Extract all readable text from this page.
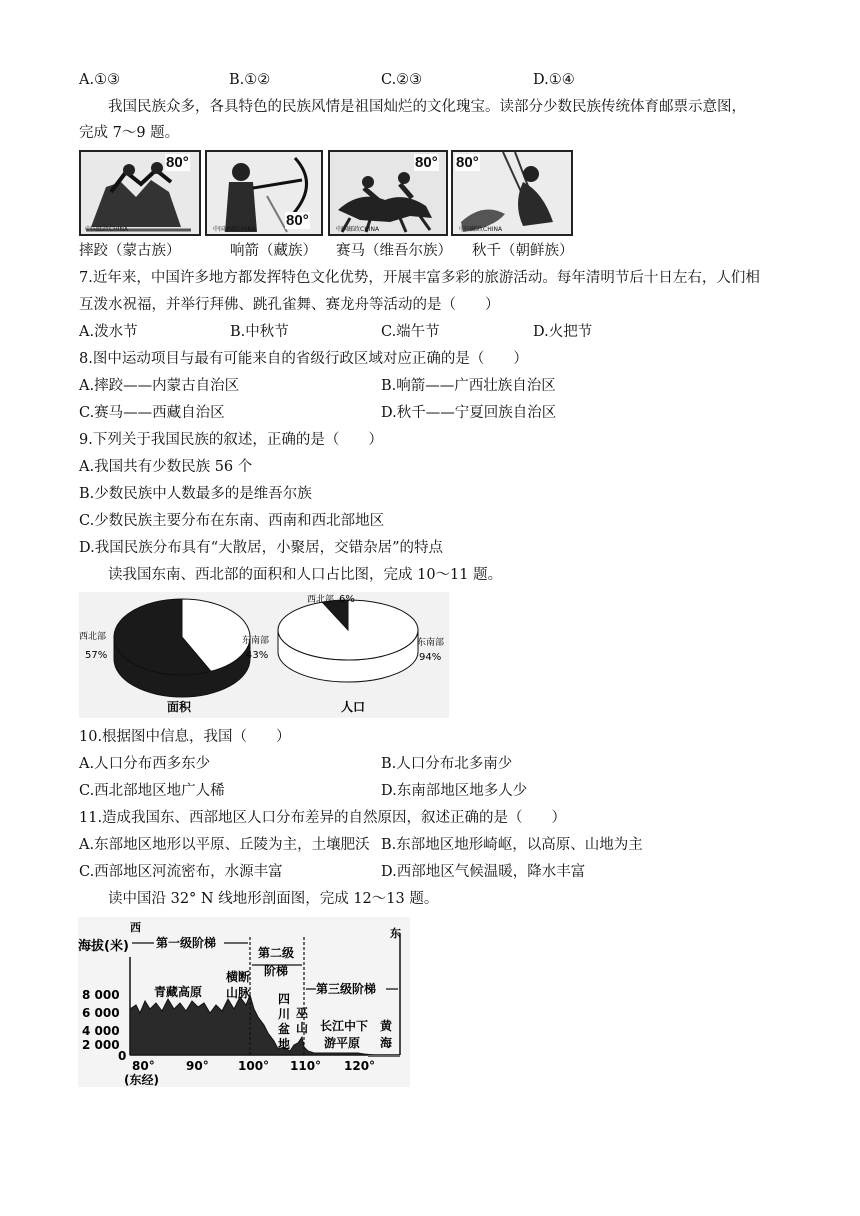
A.①③	B.①②	C.②③	D.①④
我国民族众多，各具特色的民族风情是祖国灿烂的文化瑰宝。读部分少数民族传统体育邮票示意图，
完成 7～9 题。
80°
中国邮政CHINA
80°
中国邮政CHINA
80°
中国邮政CHINA
80°
中国邮政CHINA
摔跤（蒙古族）	响箭（藏族） 赛马（维吾尔族） 秋千（朝鲜族）
7.近年来，中国许多地方都发挥特色文化优势，开展丰富多彩的旅游活动。每年清明节后十日左右，人们相
互泼水祝福，并举行拜佛、跳孔雀舞、赛龙舟等活动的是（　　）
A.泼水节	B.中秋节	C.端午节	D.火把节
8.图中运动项目与最有可能来自的省级行政区域对应正确的是（　　）
A.摔跤——内蒙古自治区	B.响箭——广西壮族自治区
C.赛马——西藏自治区	D.秋千——宁夏回族自治区
9.下列关于我国民族的叙述，正确的是（　　）
A.我国共有少数民族 56 个
B.少数民族中人数最多的是维吾尔族
C.少数民族主要分布在东南、西南和西北部地区
D.我国民族分布具有“大散居，小聚居，交错杂居”的特点
读我国东南、西北部的面积和人口占比图，完成 10～11 题。
西北部
57%
东南部
43%
西北部 6%
东南部
94%
面积	人口
10.根据图中信息，我国（　　）
A.人口分布西多东少	B.人口分布北多南少
C.西北部地区地广人稀	D.东南部地区地多人少
11.造成我国东、西部地区人口分布差异的自然原因，叙述正确的是（　　）
A.东部地区地形以平原、丘陵为主，土壤肥沃 B.东部地区地形崎岖，以高原、山地为主
C.西部地区河流密布，水源丰富	D.西部地区气候温暖，降水丰富
读中国沿 32° N 线地形剖面图，完成 12～13 题。
西	东
海拔(米)
8 000
6 000
4 000
2 000
0
第一级阶梯
第二级
阶梯
第三级阶梯
青藏高原
横断
山脉 四
川
盆
地
巫
山 长江中下
游平原
黄
海
80°	90° 100° 110° 120°
(东经)
